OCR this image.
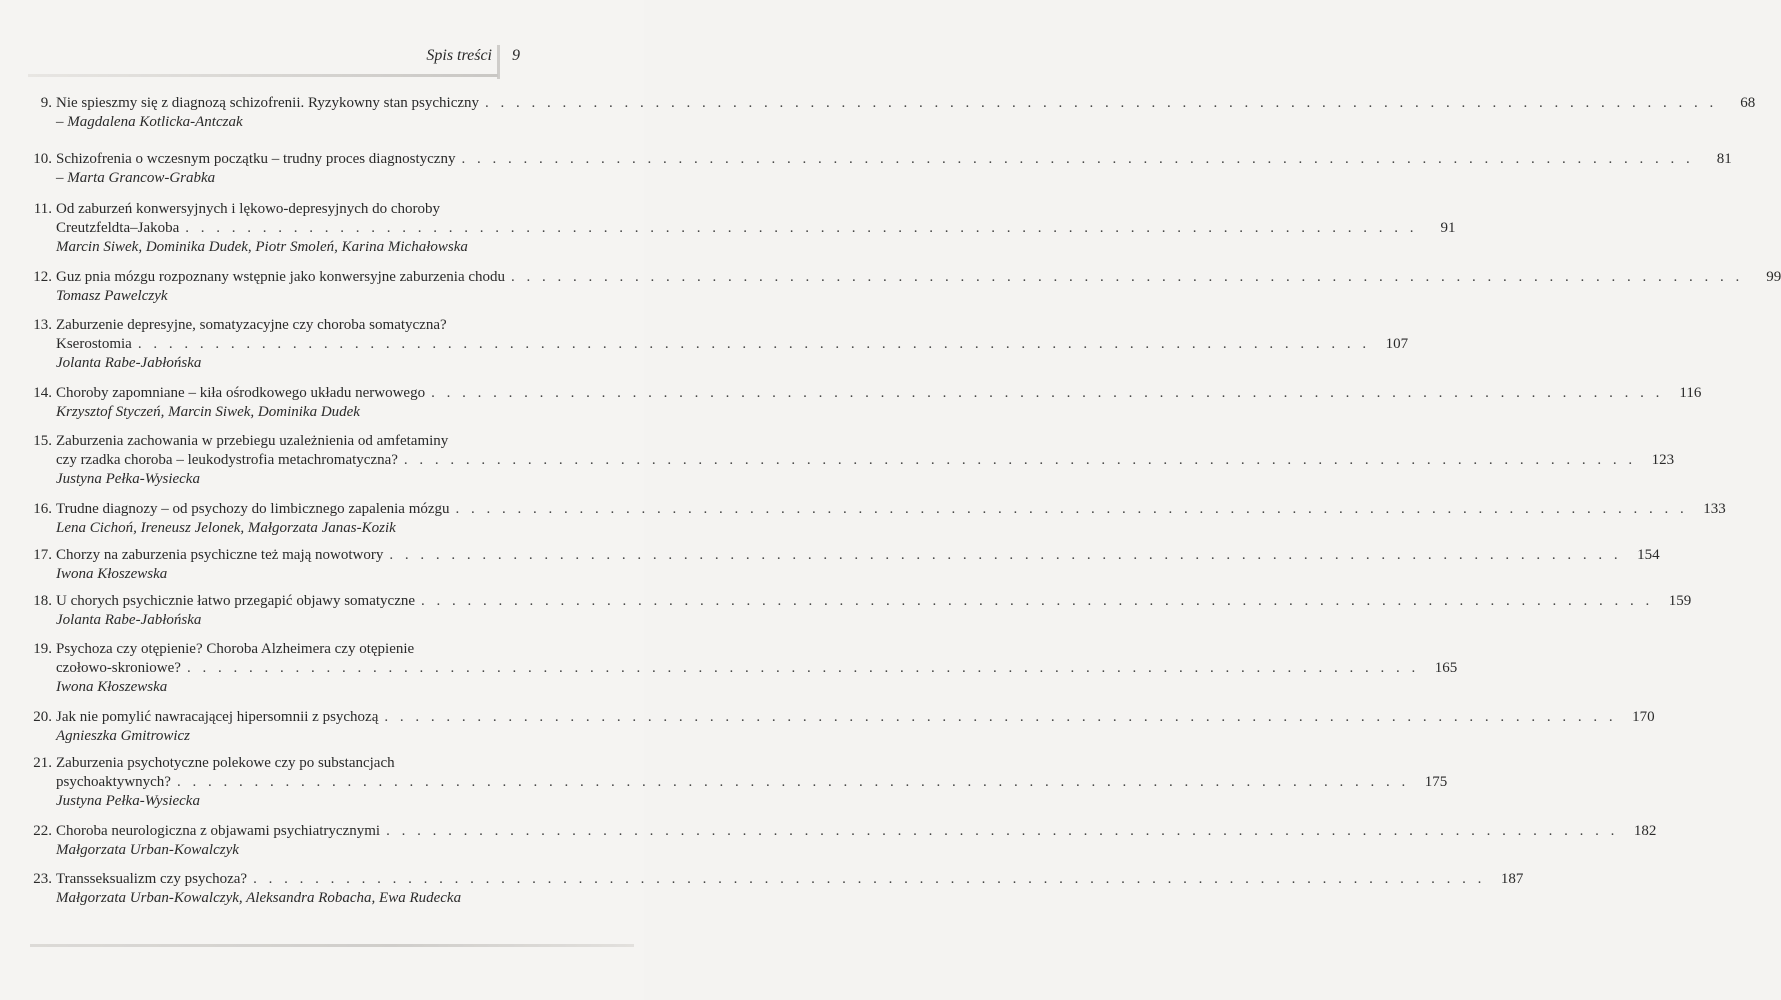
Spis treści 9
9. Nie spieszmy się z diagnozą schizofrenii. Ryzykowny stan psychiczny . . . . . . . . . . . . . . . . . . . . . . . . . . . . . . . . . . . . . . . . . . . . . . . . . . . . . . . . . . . . . . . . . . . . . . . . . . . . . . . .	68
– Magdalena Kotlicka-Antczak
10. Schizofrenia o wczesnym początku – trudny proces diagnostyczny . . . . . . . . . . . . . . . . . . . . . . . . . . . . . . . . . . . . . . . . . . . . . . . . . . . . . . . . . . . . . . . . . . . . . . . . . . . . . . . .	81
– Marta Grancow-Grabka
11. Od zaburzeń konwersyjnych i lękowo-depresyjnych do choroby
Creutzfeldta–Jakoba . . . . . . . . . . . . . . . . . . . . . . . . . . . . . . . . . . . . . . . . . . . . . . . . . . . . . . . . . . . . . . . . . . . . . . . . . . . . . . . .	91
Marcin Siwek, Dominika Dudek, Piotr Smoleń, Karina Michałowska
12. Guz pnia mózgu rozpoznany wstępnie jako konwersyjne zaburzenia chodu . . . . . . . . . . . . . . . . . . . . . . . . . . . . . . . . . . . . . . . . . . . . . . . . . . . . . . . . . . . . . . . . . . . . . . . . . . . . . . . .	99
Tomasz Pawelczyk
13. Zaburzenie depresyjne, somatyzacyjne czy choroba somatyczna?
Kserostomia . . . . . . . . . . . . . . . . . . . . . . . . . . . . . . . . . . . . . . . . . . . . . . . . . . . . . . . . . . . . . . . . . . . . . . . . . . . . . . . .	107
Jolanta Rabe-Jabłońska
14. Choroby zapomniane – kiła ośrodkowego układu nerwowego . . . . . . . . . . . . . . . . . . . . . . . . . . . . . . . . . . . . . . . . . . . . . . . . . . . . . . . . . . . . . . . . . . . . . . . . . . . . . . . .	116
Krzysztof Styczeń, Marcin Siwek, Dominika Dudek
15. Zaburzenia zachowania w przebiegu uzależnienia od amfetaminy
czy rzadka choroba – leukodystrofia metachromatyczna? . . . . . . . . . . . . . . . . . . . . . . . . . . . . . . . . . . . . . . . . . . . . . . . . . . . . . . . . . . . . . . . . . . . . . . . . . . . . . . . .	123
Justyna Pełka-Wysiecka
16. Trudne diagnozy – od psychozy do limbicznego zapalenia mózgu . . . . . . . . . . . . . . . . . . . . . . . . . . . . . . . . . . . . . . . . . . . . . . . . . . . . . . . . . . . . . . . . . . . . . . . . . . . . . . . .	133
Lena Cichoń, Ireneusz Jelonek, Małgorzata Janas-Kozik
17. Chorzy na zaburzenia psychiczne też mają nowotwory . . . . . . . . . . . . . . . . . . . . . . . . . . . . . . . . . . . . . . . . . . . . . . . . . . . . . . . . . . . . . . . . . . . . . . . . . . . . . . . .	154
Iwona Kłoszewska
18. U chorych psychicznie łatwo przegapić objawy somatyczne . . . . . . . . . . . . . . . . . . . . . . . . . . . . . . . . . . . . . . . . . . . . . . . . . . . . . . . . . . . . . . . . . . . . . . . . . . . . . . . .	159
Jolanta Rabe-Jabłońska
19. Psychoza czy otępienie? Choroba Alzheimera czy otępienie
czołowo-skroniowe? . . . . . . . . . . . . . . . . . . . . . . . . . . . . . . . . . . . . . . . . . . . . . . . . . . . . . . . . . . . . . . . . . . . . . . . . . . . . . . . .	165
Iwona Kłoszewska
20. Jak nie pomylić nawracającej hipersomnii z psychozą . . . . . . . . . . . . . . . . . . . . . . . . . . . . . . . . . . . . . . . . . . . . . . . . . . . . . . . . . . . . . . . . . . . . . . . . . . . . . . . .	170
Agnieszka Gmitrowicz
21. Zaburzenia psychotyczne polekowe czy po substancjach
psychoaktywnych? . . . . . . . . . . . . . . . . . . . . . . . . . . . . . . . . . . . . . . . . . . . . . . . . . . . . . . . . . . . . . . . . . . . . . . . . . . . . . . . .	175
Justyna Pełka-Wysiecka
22. Choroba neurologiczna z objawami psychiatrycznymi . . . . . . . . . . . . . . . . . . . . . . . . . . . . . . . . . . . . . . . . . . . . . . . . . . . . . . . . . . . . . . . . . . . . . . . . . . . . . . . .	182
Małgorzata Urban-Kowalczyk
23. Transseksualizm czy psychoza? . . . . . . . . . . . . . . . . . . . . . . . . . . . . . . . . . . . . . . . . . . . . . . . . . . . . . . . . . . . . . . . . . . . . . . . . . . . . . . . .	187
Małgorzata Urban-Kowalczyk, Aleksandra Robacha, Ewa Rudecka
